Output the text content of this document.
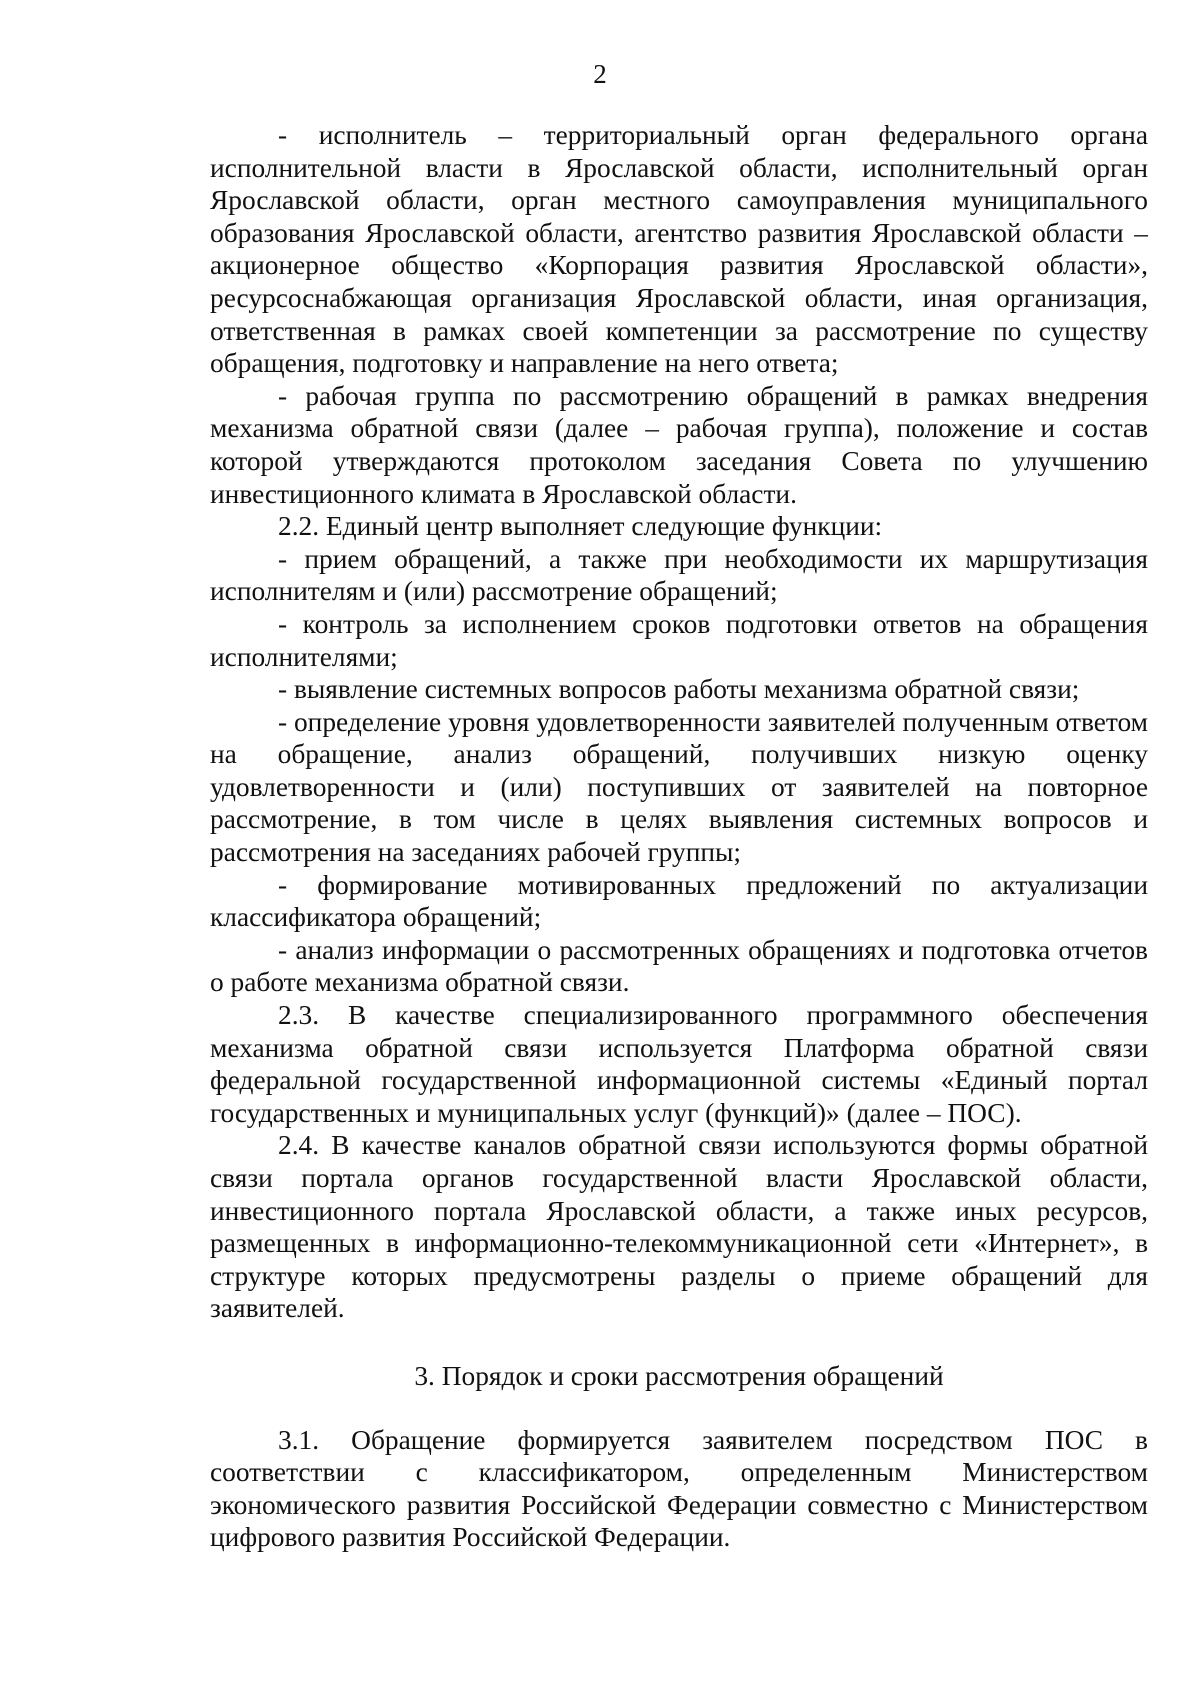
2

- исполнитель – территориальный орган федерального органа исполнительной власти в Ярославской области, исполнительный орган Ярославской области, орган местного самоуправления муниципального образования Ярославской области, агентство развития Ярославской области – акционерное общество «Корпорация развития Ярославской области», ресурсоснабжающая организация Ярославской области, иная организация, ответственная в рамках своей компетенции за рассмотрение по существу обращения, подготовку и направление на него ответа;

- рабочая группа по рассмотрению обращений в рамках внедрения механизма обратной связи (далее – рабочая группа), положение и состав которой утверждаются протоколом заседания Совета по улучшению инвестиционного климата в Ярославской области.

2.2. Единый центр выполняет следующие функции:

- прием обращений, а также при необходимости их маршрутизация исполнителям и (или) рассмотрение обращений;

- контроль за исполнением сроков подготовки ответов на обращения исполнителями;

- выявление системных вопросов работы механизма обратной связи;

- определение уровня удовлетворенности заявителей полученным ответом на обращение, анализ обращений, получивших низкую оценку удовлетворенности и (или) поступивших от заявителей на повторное рассмотрение, в том числе в целях выявления системных вопросов и рассмотрения на заседаниях рабочей группы;

- формирование мотивированных предложений по актуализации классификатора обращений;

- анализ информации о рассмотренных обращениях и подготовка отчетов о работе механизма обратной связи.

2.3. В качестве специализированного программного обеспечения механизма обратной связи используется Платформа обратной связи федеральной государственной информационной системы «Единый портал государственных и муниципальных услуг (функций)» (далее – ПОС).

2.4. В качестве каналов обратной связи используются формы обратной связи портала органов государственной власти Ярославской области, инвестиционного портала Ярославской области, а также иных ресурсов, размещенных в информационно-телекоммуникационной сети «Интернет», в структуре которых предусмотрены разделы о приеме обращений для заявителей.

3. Порядок и сроки рассмотрения обращений

3.1. Обращение формируется заявителем посредством ПОС в соответствии с классификатором, определенным Министерством экономического развития Российской Федерации совместно с Министерством цифрового развития Российской Федерации.
